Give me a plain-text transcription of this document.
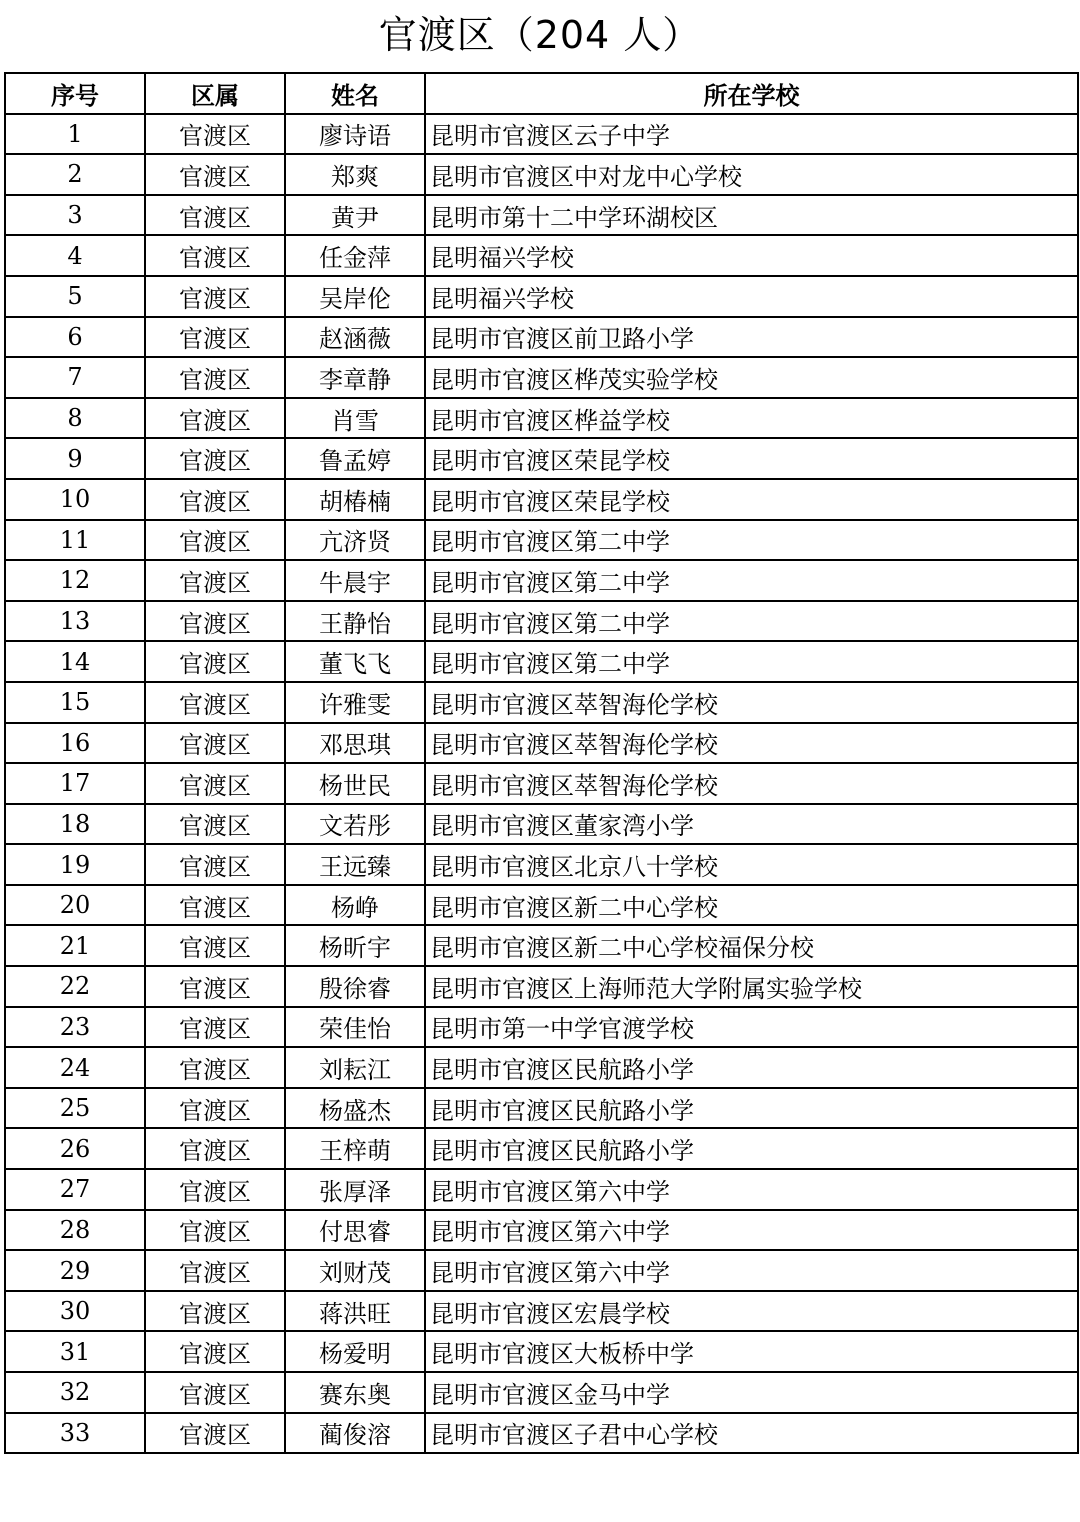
官渡区（204 人）
序号	区属	姓名	所在学校
1	官渡区	廖诗语	昆明市官渡区云子中学
2	官渡区	郑爽	昆明市官渡区中对龙中心学校
3	官渡区	黄尹	昆明市第十二中学环湖校区
4	官渡区	任金萍	昆明福兴学校
5	官渡区	吴岸伦	昆明福兴学校
6	官渡区	赵涵薇	昆明市官渡区前卫路小学
7	官渡区	李章静	昆明市官渡区桦茂实验学校
8	官渡区	肖雪	昆明市官渡区桦益学校
9	官渡区	鲁孟婷	昆明市官渡区荣昆学校
10	官渡区	胡椿楠	昆明市官渡区荣昆学校
11	官渡区	亢济贤	昆明市官渡区第二中学
12	官渡区	牛晨宇	昆明市官渡区第二中学
13	官渡区	王静怡	昆明市官渡区第二中学
14	官渡区	董飞飞	昆明市官渡区第二中学
15	官渡区	许雅雯	昆明市官渡区萃智海伦学校
16	官渡区	邓思琪	昆明市官渡区萃智海伦学校
17	官渡区	杨世民	昆明市官渡区萃智海伦学校
18	官渡区	文若彤	昆明市官渡区董家湾小学
19	官渡区	王远臻	昆明市官渡区北京八十学校
20	官渡区	杨峥	昆明市官渡区新二中心学校
21	官渡区	杨昕宇	昆明市官渡区新二中心学校福保分校
22	官渡区	殷徐睿	昆明市官渡区上海师范大学附属实验学校
23	官渡区	荣佳怡	昆明市第一中学官渡学校
24	官渡区	刘耘江	昆明市官渡区民航路小学
25	官渡区	杨盛杰	昆明市官渡区民航路小学
26	官渡区	王梓萌	昆明市官渡区民航路小学
27	官渡区	张厚泽	昆明市官渡区第六中学
28	官渡区	付思睿	昆明市官渡区第六中学
29	官渡区	刘财茂	昆明市官渡区第六中学
30	官渡区	蒋洪旺	昆明市官渡区宏晨学校
31	官渡区	杨爱明	昆明市官渡区大板桥中学
32	官渡区	赛东奥	昆明市官渡区金马中学
33	官渡区	蔺俊溶	昆明市官渡区子君中心学校
